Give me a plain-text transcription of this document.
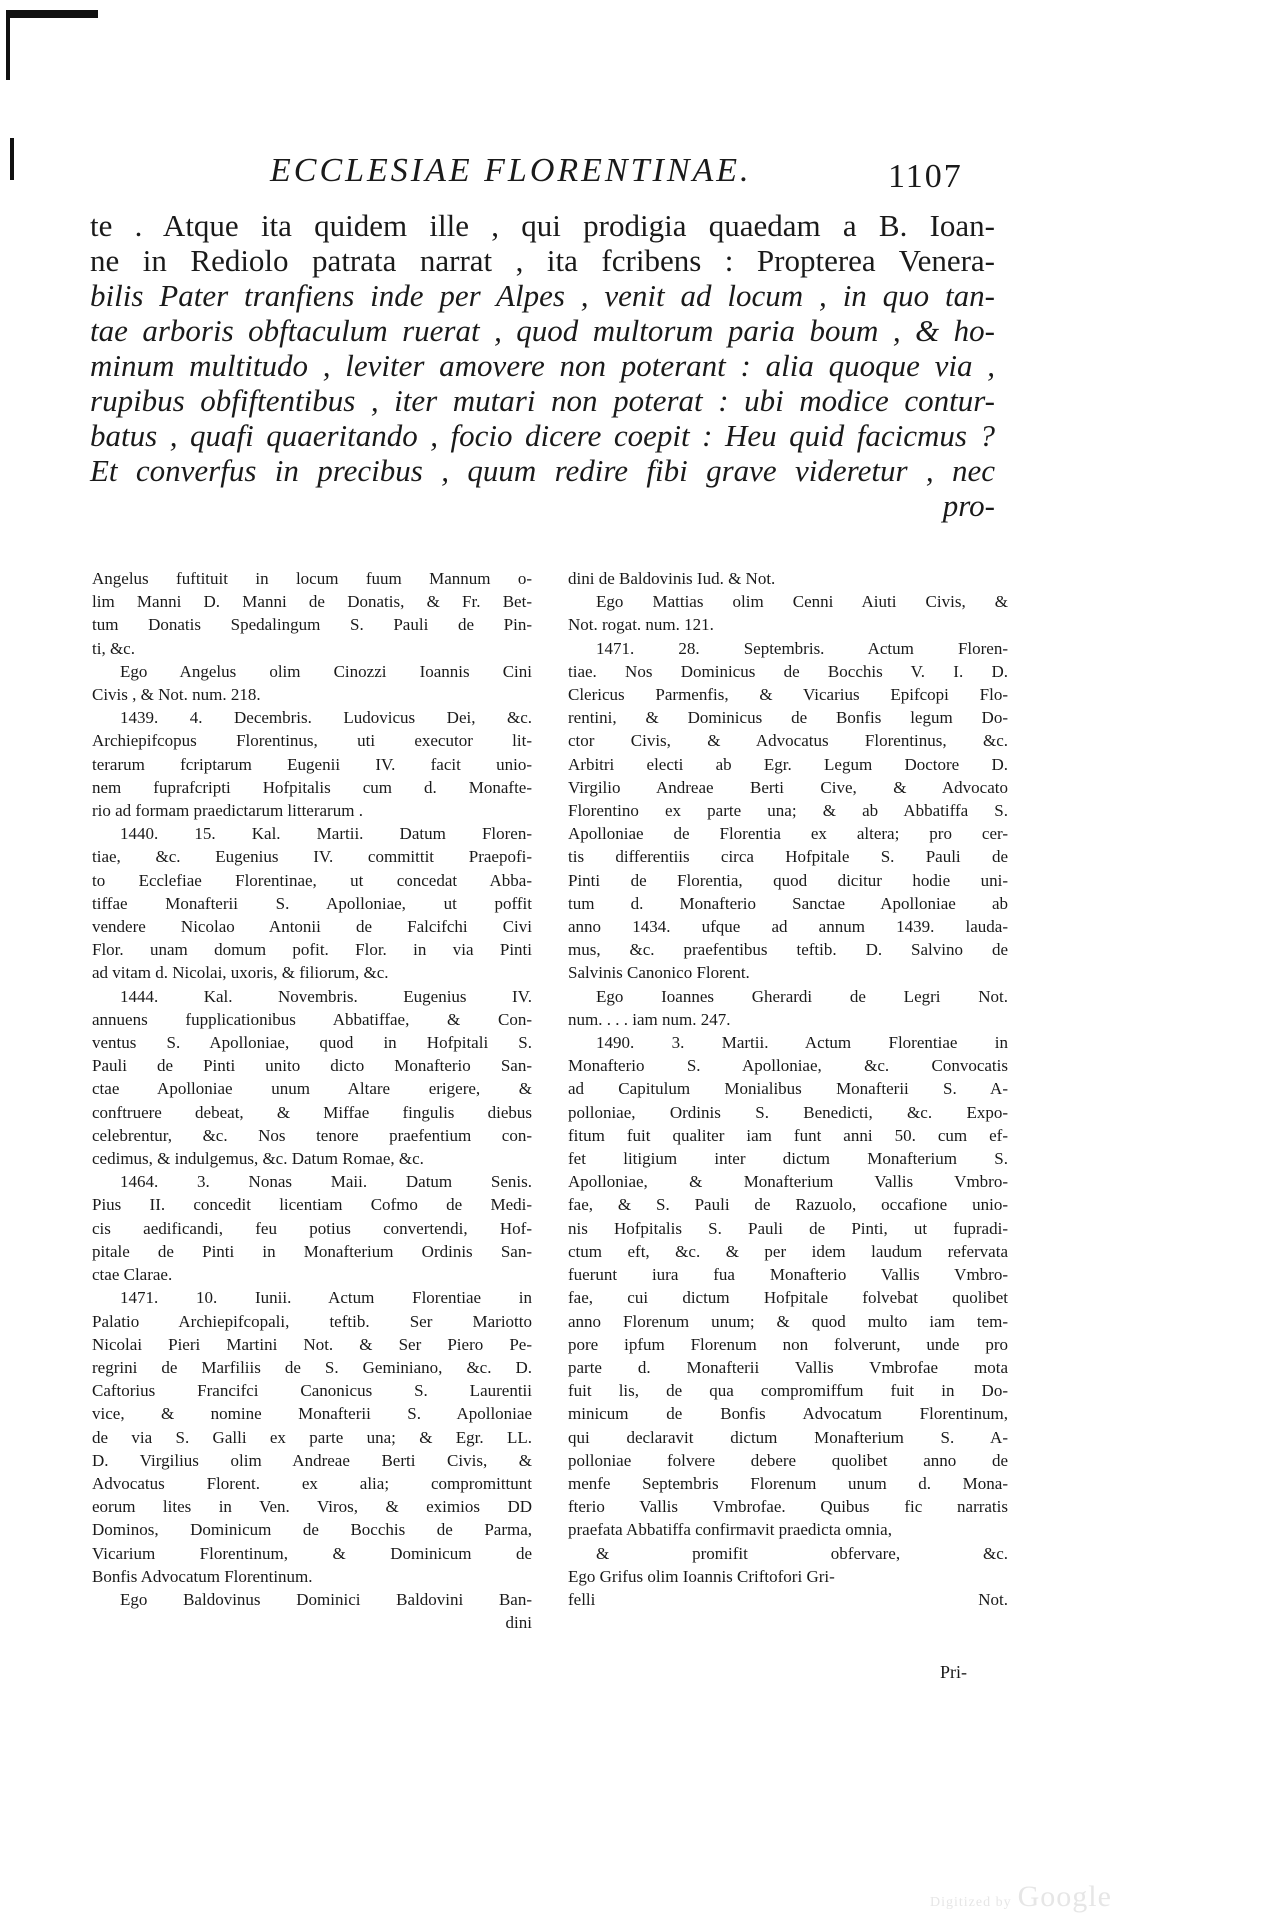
ECCLESIAE FLORENTINAE.	1107
te . Atque ita quidem ille , qui prodigia quaedam a B. Ioan-
ne in Rediolo patrata narrat , ita fcribens : Propterea Venera-
bilis Pater tranfiens inde per Alpes , venit ad locum , in quo tan-
tae arboris obftaculum ruerat , quod multorum paria boum , & ho-
minum multitudo , leviter amovere non poterant : alia quoque via ,
rupibus obfiftentibus , iter mutari non poterat : ubi modice contur-
batus , quafi quaeritando , focio dicere coepit : Heu quid facicmus ?
Et converfus in precibus , quum redire fibi grave videretur , nec
pro-
Angelus fuftituit in locum fuum Mannum o-
lim Manni D. Manni de Donatis, & Fr. Bet-
tum Donatis Spedalingum S. Pauli de Pin-
ti, &c.
Ego Angelus olim Cinozzi Ioannis Cini
Civis , & Not. num. 218.
1439. 4. Decembris. Ludovicus Dei, &c.
Archiepifcopus Florentinus, uti executor lit-
terarum fcriptarum Eugenii IV. facit unio-
nem fuprafcripti Hofpitalis cum d. Monafte-
rio ad formam praedictarum litterarum .
1440. 15. Kal. Martii. Datum Floren-
tiae, &c. Eugenius IV. committit Praepofi-
to Ecclefiae Florentinae, ut concedat Abba-
tiffae Monafterii S. Apolloniae, ut poffit
vendere Nicolao Antonii de Falcifchi Civi
Flor. unam domum pofit. Flor. in via Pinti
ad vitam d. Nicolai, uxoris, & filiorum, &c.
1444. Kal. Novembris. Eugenius IV.
annuens fupplicationibus Abbatiffae, & Con-
ventus S. Apolloniae, quod in Hofpitali S.
Pauli de Pinti unito dicto Monafterio San-
ctae Apolloniae unum Altare erigere, &
conftruere debeat, & Miffae fingulis diebus
celebrentur, &c. Nos tenore praefentium con-
cedimus, & indulgemus, &c. Datum Romae, &c.
1464. 3. Nonas Maii. Datum Senis.
Pius II. concedit licentiam Cofmo de Medi-
cis aedificandi, feu potius convertendi, Hof-
pitale de Pinti in Monafterium Ordinis San-
ctae Clarae.
1471. 10. Iunii. Actum Florentiae in
Palatio Archiepifcopali, teftib. Ser Mariotto
Nicolai Pieri Martini Not. & Ser Piero Pe-
regrini de Marfiliis de S. Geminiano, &c. D.
Caftorius Francifci Canonicus S. Laurentii
vice, & nomine Monafterii S. Apolloniae
de via S. Galli ex parte una; & Egr. LL.
D. Virgilius olim Andreae Berti Civis, &
Advocatus Florent. ex alia; compromittunt
eorum lites in Ven. Viros, & eximios DD
Dominos, Dominicum de Bocchis de Parma,
Vicarium Florentinum, & Dominicum de
Bonfis Advocatum Florentinum.
Ego Baldovinus Dominici Baldovini Ban-
dini
dini de Baldovinis Iud. & Not.
Ego Mattias olim Cenni Aiuti Civis, &
Not. rogat. num. 121.
1471. 28. Septembris. Actum Floren-
tiae. Nos Dominicus de Bocchis V. I. D.
Clericus Parmenfis, & Vicarius Epifcopi Flo-
rentini, & Dominicus de Bonfis legum Do-
ctor Civis, & Advocatus Florentinus, &c.
Arbitri electi ab Egr. Legum Doctore D.
Virgilio Andreae Berti Cive, & Advocato
Florentino ex parte una; & ab Abbatiffa S.
Apolloniae de Florentia ex altera; pro cer-
tis differentiis circa Hofpitale S. Pauli de
Pinti de Florentia, quod dicitur hodie uni-
tum d. Monafterio Sanctae Apolloniae ab
anno 1434. ufque ad annum 1439. lauda-
mus, &c. praefentibus teftib. D. Salvino de
Salvinis Canonico Florent.
Ego Ioannes Gherardi de Legri Not.
num. . . . iam num. 247.
1490. 3. Martii. Actum Florentiae in
Monafterio S. Apolloniae, &c. Convocatis
ad Capitulum Monialibus Monafterii S. A-
polloniae, Ordinis S. Benedicti, &c. Expo-
fitum fuit qualiter iam funt anni 50. cum ef-
fet litigium inter dictum Monafterium S.
Apolloniae, & Monafterium Vallis Vmbro-
fae, & S. Pauli de Razuolo, occafione unio-
nis Hofpitalis S. Pauli de Pinti, ut fupradi-
ctum eft, &c. & per idem laudum refervata
fuerunt iura fua Monafterio Vallis Vmbro-
fae, cui dictum Hofpitale folvebat quolibet
anno Florenum unum; & quod multo iam tem-
pore ipfum Florenum non folverunt, unde pro
parte d. Monafterii Vallis Vmbrofae mota
fuit lis, de qua compromiffum fuit in Do-
minicum de Bonfis Advocatum Florentinum,
qui declaravit dictum Monafterium S. A-
polloniae folvere debere quolibet anno de
menfe Septembris Florenum unum d. Mona-
fterio Vallis Vmbrofae. Quibus fic narratis
praefata Abbatiffa confirmavit praedicta omnia,
& promifit obfervare, &c.
Ego Grifus olim Ioannis Criftofori Gri-
felli Not.
Pri-
Digitized by Google
